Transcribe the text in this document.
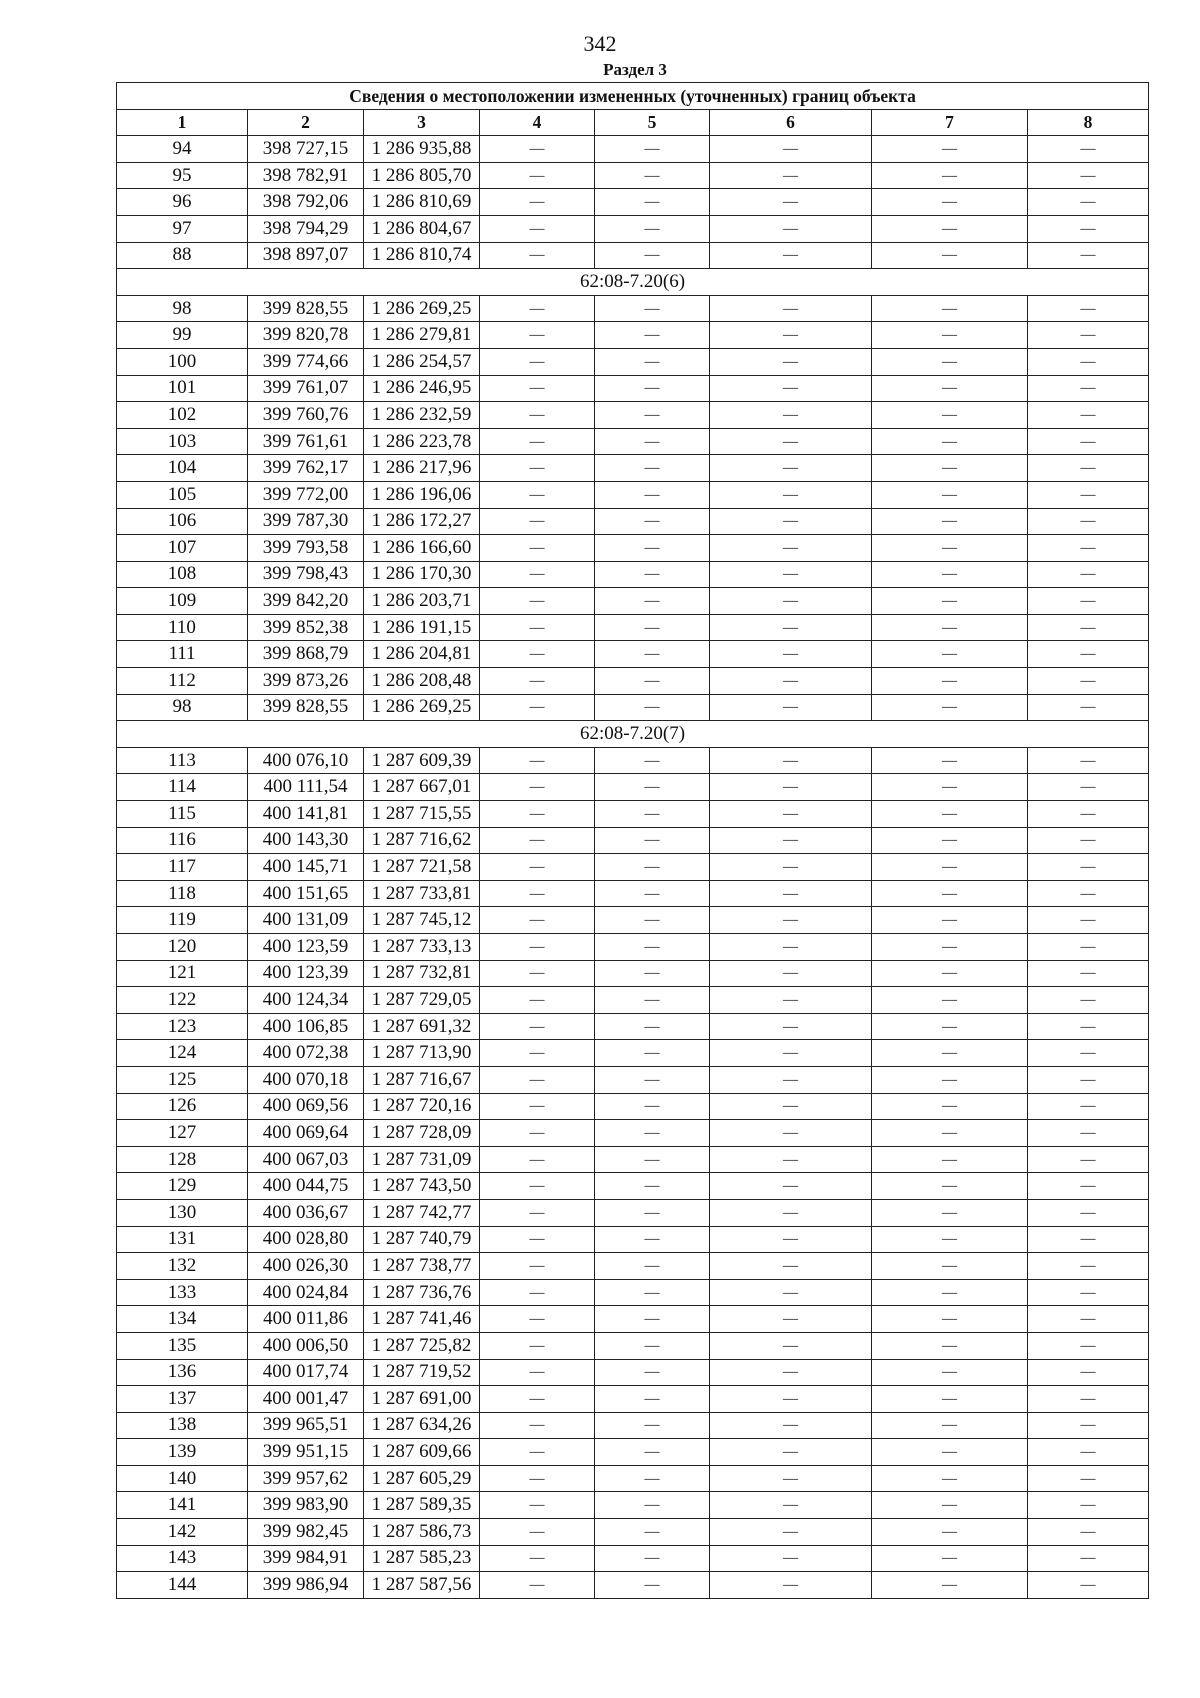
342
Раздел 3
Сведения о местоположении измененных (уточненных) границ объекта							
1	2	3	4	5	6	7	8
94	398 727,15	1 286 935,88	—	—	—	—	—
95	398 782,91	1 286 805,70	—	—	—	—	—
96	398 792,06	1 286 810,69	—	—	—	—	—
97	398 794,29	1 286 804,67	—	—	—	—	—
88	398 897,07	1 286 810,74	—	—	—	—	—
62:08-7.20(6)							
98	399 828,55	1 286 269,25	—	—	—	—	—
99	399 820,78	1 286 279,81	—	—	—	—	—
100	399 774,66	1 286 254,57	—	—	—	—	—
101	399 761,07	1 286 246,95	—	—	—	—	—
102	399 760,76	1 286 232,59	—	—	—	—	—
103	399 761,61	1 286 223,78	—	—	—	—	—
104	399 762,17	1 286 217,96	—	—	—	—	—
105	399 772,00	1 286 196,06	—	—	—	—	—
106	399 787,30	1 286 172,27	—	—	—	—	—
107	399 793,58	1 286 166,60	—	—	—	—	—
108	399 798,43	1 286 170,30	—	—	—	—	—
109	399 842,20	1 286 203,71	—	—	—	—	—
110	399 852,38	1 286 191,15	—	—	—	—	—
111	399 868,79	1 286 204,81	—	—	—	—	—
112	399 873,26	1 286 208,48	—	—	—	—	—
98	399 828,55	1 286 269,25	—	—	—	—	—
62:08-7.20(7)							
113	400 076,10	1 287 609,39	—	—	—	—	—
114	400 111,54	1 287 667,01	—	—	—	—	—
115	400 141,81	1 287 715,55	—	—	—	—	—
116	400 143,30	1 287 716,62	—	—	—	—	—
117	400 145,71	1 287 721,58	—	—	—	—	—
118	400 151,65	1 287 733,81	—	—	—	—	—
119	400 131,09	1 287 745,12	—	—	—	—	—
120	400 123,59	1 287 733,13	—	—	—	—	—
121	400 123,39	1 287 732,81	—	—	—	—	—
122	400 124,34	1 287 729,05	—	—	—	—	—
123	400 106,85	1 287 691,32	—	—	—	—	—
124	400 072,38	1 287 713,90	—	—	—	—	—
125	400 070,18	1 287 716,67	—	—	—	—	—
126	400 069,56	1 287 720,16	—	—	—	—	—
127	400 069,64	1 287 728,09	—	—	—	—	—
128	400 067,03	1 287 731,09	—	—	—	—	—
129	400 044,75	1 287 743,50	—	—	—	—	—
130	400 036,67	1 287 742,77	—	—	—	—	—
131	400 028,80	1 287 740,79	—	—	—	—	—
132	400 026,30	1 287 738,77	—	—	—	—	—
133	400 024,84	1 287 736,76	—	—	—	—	—
134	400 011,86	1 287 741,46	—	—	—	—	—
135	400 006,50	1 287 725,82	—	—	—	—	—
136	400 017,74	1 287 719,52	—	—	—	—	—
137	400 001,47	1 287 691,00	—	—	—	—	—
138	399 965,51	1 287 634,26	—	—	—	—	—
139	399 951,15	1 287 609,66	—	—	—	—	—
140	399 957,62	1 287 605,29	—	—	—	—	—
141	399 983,90	1 287 589,35	—	—	—	—	—
142	399 982,45	1 287 586,73	—	—	—	—	—
143	399 984,91	1 287 585,23	—	—	—	—	—
144	399 986,94	1 287 587,56	—	—	—	—	—
